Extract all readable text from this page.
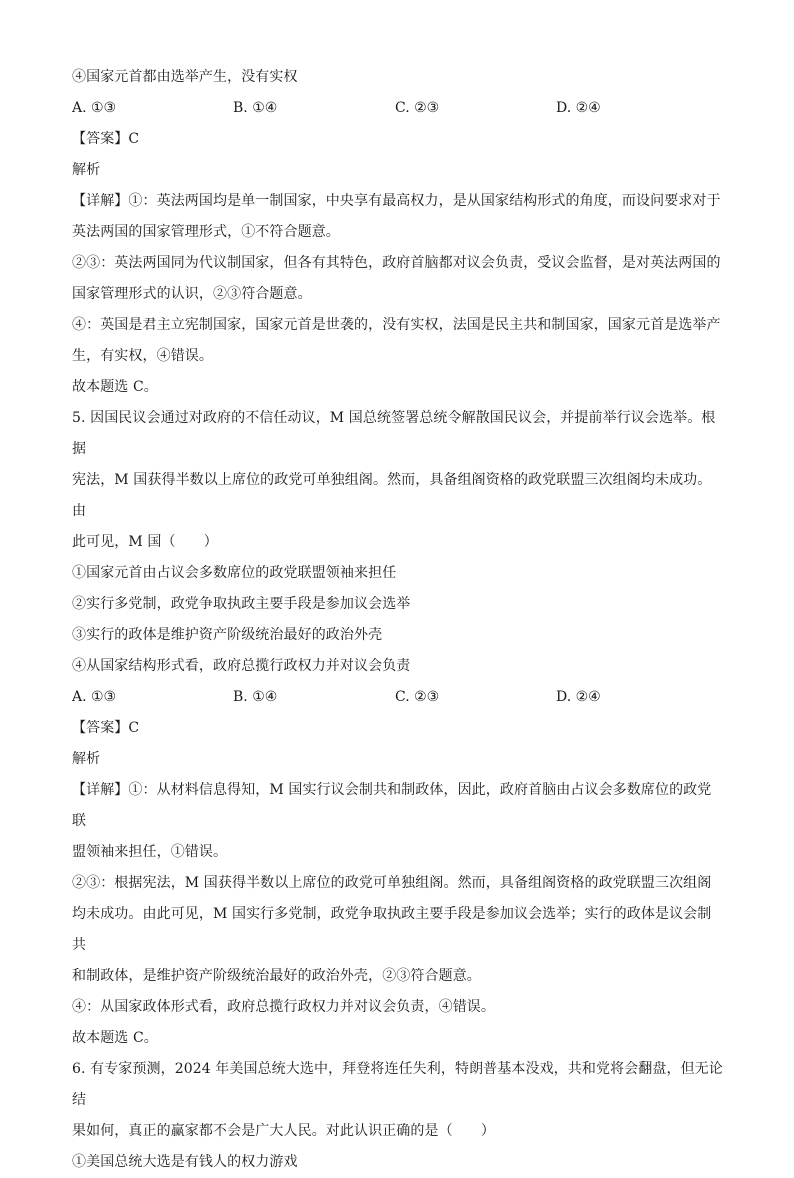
④国家元首都由选举产生，没有实权

A. ①③	B. ①④	C. ②③	D. ②④

【答案】C

解析

【详解】①：英法两国均是单一制国家，中央享有最高权力，是从国家结构形式的角度，而设问要求对于

英法两国的国家管理形式，①不符合题意。

②③：英法两国同为代议制国家，但各有其特色，政府首脑都对议会负责，受议会监督，是对英法两国的

国家管理形式的认识，②③符合题意。

④：英国是君主立宪制国家，国家元首是世袭的，没有实权，法国是民主共和制国家，国家元首是选举产

生，有实权，④错误。

故本题选 C。

5. 因国民议会通过对政府的不信任动议，M 国总统签署总统令解散国民议会，并提前举行议会选举。根据

宪法，M 国获得半数以上席位的政党可单独组阁。然而，具备组阁资格的政党联盟三次组阁均未成功。由

此可见，M 国（　　）

①国家元首由占议会多数席位的政党联盟领袖来担任

②实行多党制，政党争取执政主要手段是参加议会选举

③实行的政体是维护资产阶级统治最好的政治外壳

④从国家结构形式看，政府总揽行政权力并对议会负责

A. ①③	B. ①④	C. ②③	D. ②④

【答案】C

解析

【详解】①：从材料信息得知，M 国实行议会制共和制政体，因此，政府首脑由占议会多数席位的政党联

盟领袖来担任，①错误。

②③：根据宪法，M 国获得半数以上席位的政党可单独组阁。然而，具备组阁资格的政党联盟三次组阁

均未成功。由此可见，M 国实行多党制，政党争取执政主要手段是参加议会选举；实行的政体是议会制共

和制政体，是维护资产阶级统治最好的政治外壳，②③符合题意。

④：从国家政体形式看，政府总揽行政权力并对议会负责，④错误。

故本题选 C。

6. 有专家预测，2024 年美国总统大选中，拜登将连任失利，特朗普基本没戏，共和党将会翻盘，但无论结

果如何，真正的赢家都不会是广大人民。对此认识正确的是（　　）

①美国总统大选是有钱人的权力游戏
